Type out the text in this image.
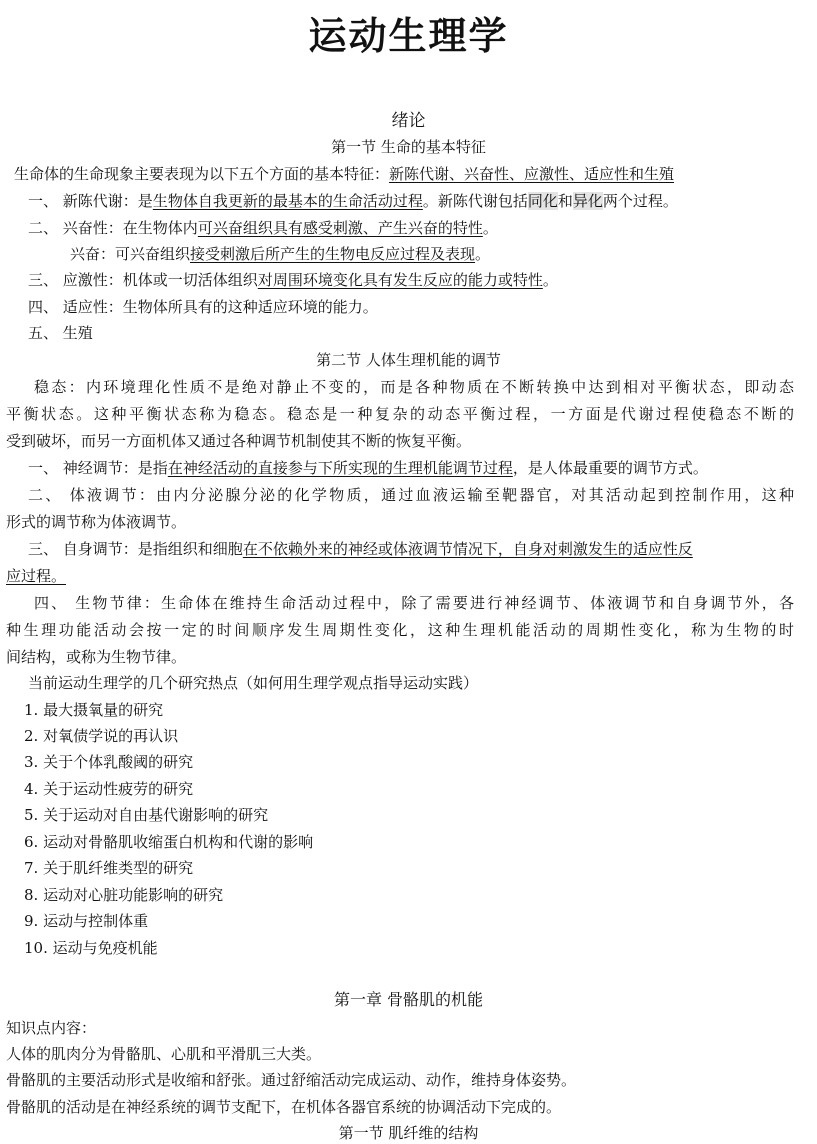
运动生理学
绪论
第一节 生命的基本特征
生命体的生命现象主要表现为以下五个方面的基本特征：新陈代谢、兴奋性、应激性、适应性和生殖
一、 新陈代谢：是生物体自我更新的最基本的生命活动过程。新陈代谢包括同化和异化两个过程。
二、 兴奋性：在生物体内可兴奋组织具有感受刺激、产生兴奋的特性。
兴奋：可兴奋组织接受刺激后所产生的生物电反应过程及表现。
三、 应激性：机体或一切活体组织对周围环境变化具有发生反应的能力或特性。
四、 适应性：生物体所具有的这种适应环境的能力。
五、 生殖
第二节 人体生理机能的调节
稳态：内环境理化性质不是绝对静止不变的，而是各种物质在不断转换中达到相对平衡状态，即动态
平衡状态。这种平衡状态称为稳态。稳态是一种复杂的动态平衡过程，一方面是代谢过程使稳态不断的
受到破坏，而另一方面机体又通过各种调节机制使其不断的恢复平衡。
一、 神经调节：是指在神经活动的直接参与下所实现的生理机能调节过程，是人体最重要的调节方式。
二、 体液调节：由内分泌腺分泌的化学物质，通过血液运输至靶器官，对其活动起到控制作用，这种
形式的调节称为体液调节。
三、 自身调节：是指组织和细胞在不依赖外来的神经或体液调节情况下，自身对刺激发生的适应性反
应过程。
四、 生物节律：生命体在维持生命活动过程中，除了需要进行神经调节、体液调节和自身调节外，各
种生理功能活动会按一定的时间顺序发生周期性变化，这种生理机能活动的周期性变化，称为生物的时
间结构，或称为生物节律。
当前运动生理学的几个研究热点（如何用生理学观点指导运动实践）
1. 最大摄氧量的研究
2. 对氧债学说的再认识
3. 关于个体乳酸阈的研究
4. 关于运动性疲劳的研究
5. 关于运动对自由基代谢影响的研究
6. 运动对骨骼肌收缩蛋白机构和代谢的影响
7. 关于肌纤维类型的研究
8. 运动对心脏功能影响的研究
9. 运动与控制体重
10. 运动与免疫机能
第一章 骨骼肌的机能
知识点内容：
人体的肌肉分为骨骼肌、心肌和平滑肌三大类。
骨骼肌的主要活动形式是收缩和舒张。通过舒缩活动完成运动、动作，维持身体姿势。
骨骼肌的活动是在神经系统的调节支配下，在机体各器官系统的协调活动下完成的。
第一节 肌纤维的结构
